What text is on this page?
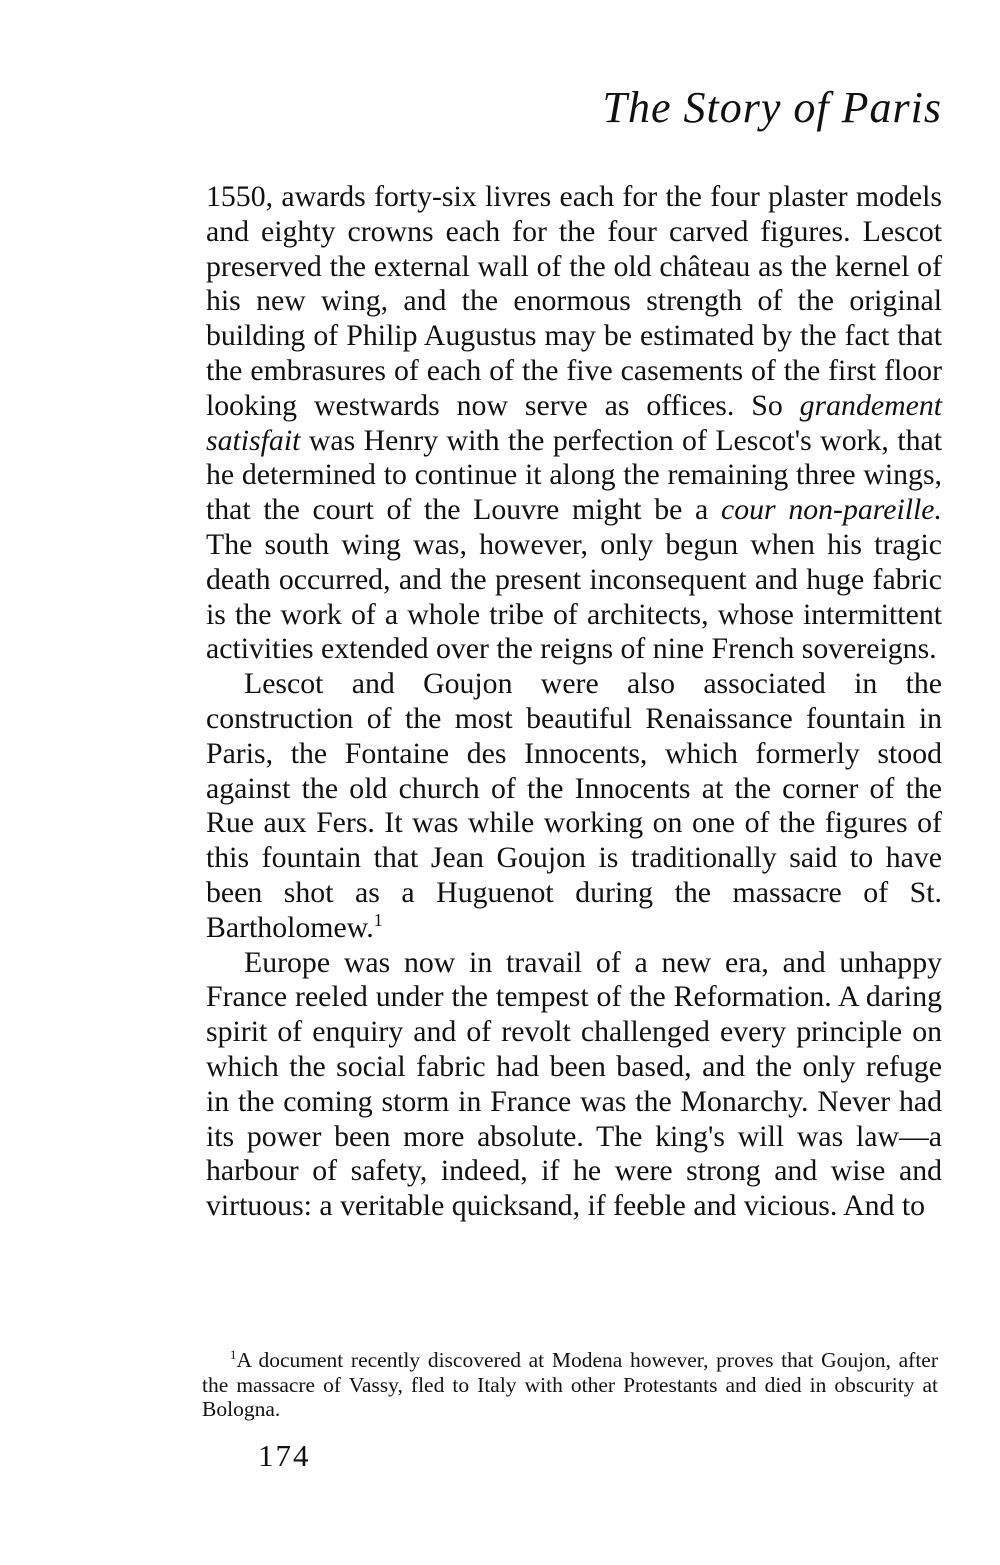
The Story of Paris

1550, awards forty-six livres each for the four plaster models and eighty crowns each for the four carved figures. Lescot preserved the external wall of the old château as the kernel of his new wing, and the enormous strength of the original building of Philip Augustus may be estimated by the fact that the embrasures of each of the five casements of the first floor looking westwards now serve as offices. So grandement satisfait was Henry with the perfection of Lescot's work, that he determined to continue it along the remaining three wings, that the court of the Louvre might be a cour non-pareille. The south wing was, however, only begun when his tragic death occurred, and the present inconsequent and huge fabric is the work of a whole tribe of architects, whose intermittent activities extended over the reigns of nine French sovereigns.

Lescot and Goujon were also associated in the construction of the most beautiful Renaissance fountain in Paris, the Fontaine des Innocents, which formerly stood against the old church of the Innocents at the corner of the Rue aux Fers. It was while working on one of the figures of this fountain that Jean Goujon is traditionally said to have been shot as a Huguenot during the massacre of St. Bartholomew.$^1$

Europe was now in travail of a new era, and unhappy France reeled under the tempest of the Reformation. A daring spirit of enquiry and of revolt challenged every principle on which the social fabric had been based, and the only refuge in the coming storm in France was the Monarchy. Never had its power been more absolute. The king's will was law—a harbour of safety, indeed, if he were strong and wise and virtuous: a veritable quicksand, if feeble and vicious. And to

$^1$A document recently discovered at Modena however, proves that Goujon, after the massacre of Vassy, fled to Italy with other Protestants and died in obscurity at Bologna.

174
